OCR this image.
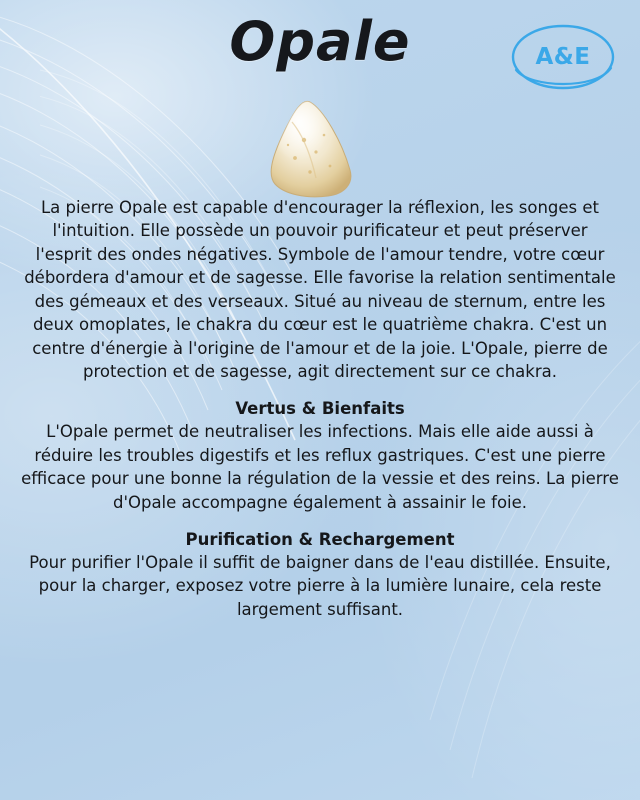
Opale	A&E

La pierre Opale est capable d'encourager la réflexion, les songes et l'intuition. Elle possède un pouvoir purificateur et peut préserver l'esprit des ondes négatives. Symbole de l'amour tendre, votre cœur débordera d'amour et de sagesse. Elle favorise la relation sentimentale des gémeaux et des verseaux. Situé au niveau de sternum, entre les deux omoplates, le chakra du cœur est le quatrième chakra. C'est un centre d'énergie à l'origine de l'amour et de la joie. L'Opale, pierre de protection et de sagesse, agit directement sur ce chakra.

Vertus & Bienfaits

L'Opale permet de neutraliser les infections. Mais elle aide aussi à réduire les troubles digestifs et les reflux gastriques. C'est une pierre efficace pour une bonne la régulation de la vessie et des reins. La pierre d'Opale accompagne également à assainir le foie.

Purification & Rechargement

Pour purifier l'Opale il suffit de baigner dans de l'eau distillée. Ensuite, pour la charger, exposez votre pierre à la lumière lunaire, cela reste largement suffisant.
